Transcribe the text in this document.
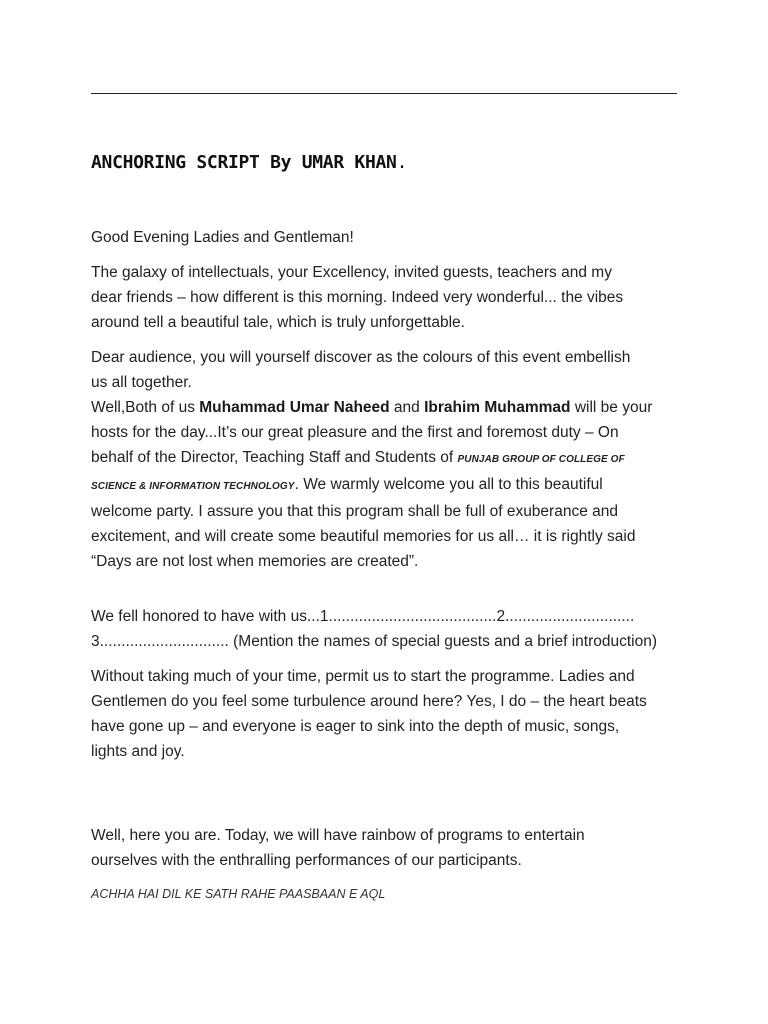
ANCHORING SCRIPT By UMAR KHAN.

Good Evening Ladies and Gentleman!

The galaxy of intellectuals, your Excellency, invited guests, teachers and my
dear friends – how different is this morning. Indeed very wonderful... the vibes
around tell a beautiful tale, which is truly unforgettable.

Dear audience, you will yourself discover as the colours of this event embellish
us all together.

Well,Both of us Muhammad Umar Naheed and Ibrahim Muhammad will be your
hosts for the day...It’s our great pleasure and the first and foremost duty – On
behalf of the Director, Teaching Staff and Students of PUNJAB GROUP OF COLLEGE OF
SCIENCE & INFORMATION TECHNOLOGY. We warmly welcome you all to this beautiful
welcome party. I assure you that this program shall be full of exuberance and
excitement, and will create some beautiful memories for us all… it is rightly said
“Days are not lost when memories are created”.

We fell honored to have with us...1.......................................2..............................
3.............................. (Mention the names of special guests and a brief introduction)

Without taking much of your time, permit us to start the programme. Ladies and
Gentlemen do you feel some turbulence around here? Yes, I do – the heart beats
have gone up – and everyone is eager to sink into the depth of music, songs,
lights and joy.

Well, here you are. Today, we will have rainbow of programs to entertain
ourselves with the enthralling performances of our participants.

ACHHA HAI DIL KE SATH RAHE PAASBAAN E AQL
